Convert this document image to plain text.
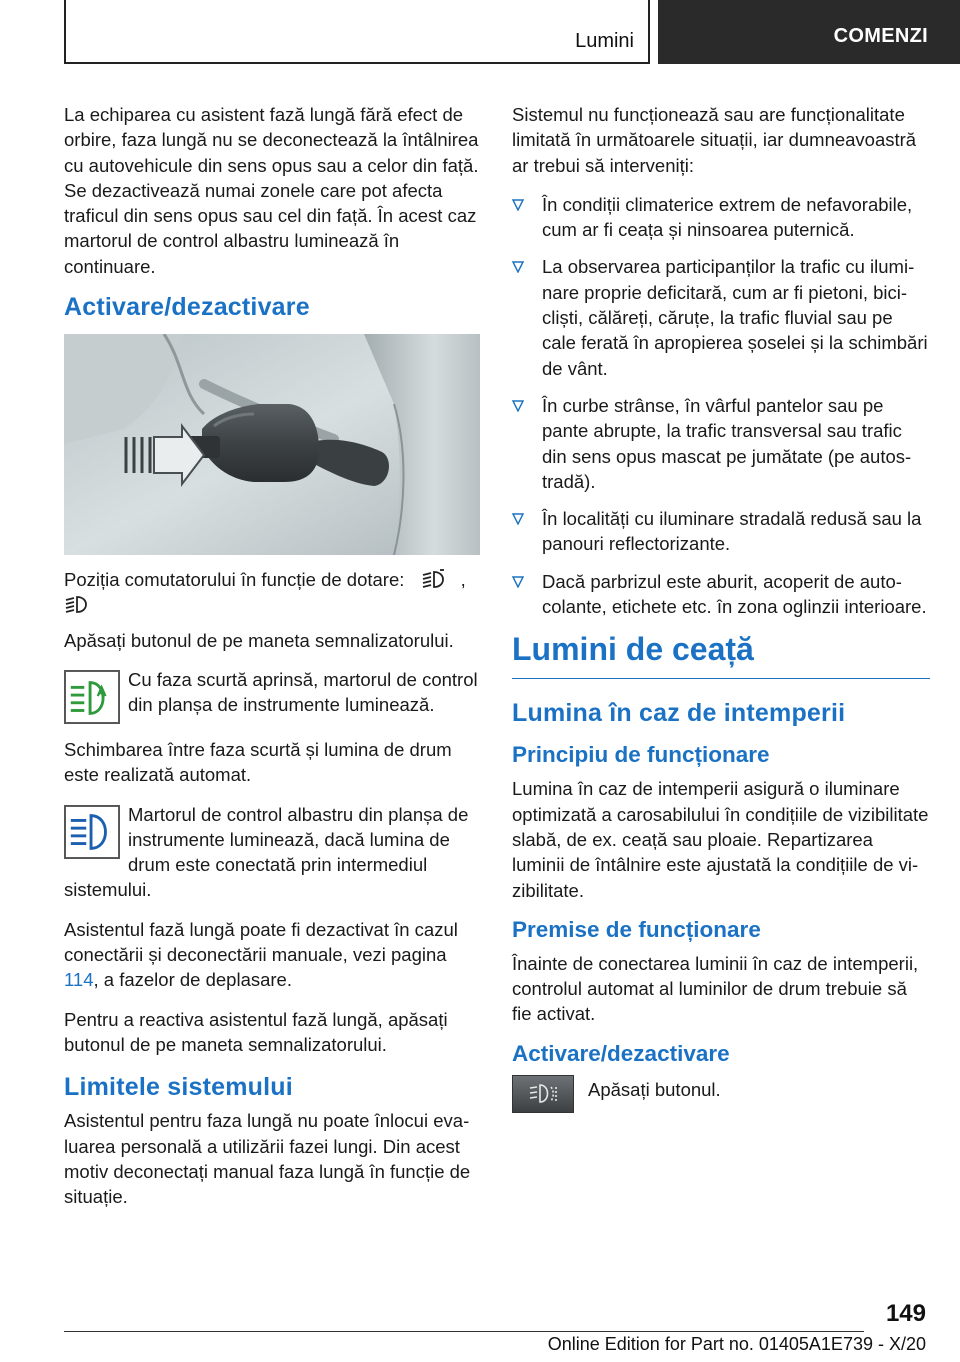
Lumini	COMENZI

La echiparea cu asistent fază lungă fără efect de orbire, faza lungă nu se deconectează la întâlnirea cu autovehicule din sens opus sau a celor din față. Se dezactivează numai zonele care pot afecta traficul din sens opus sau cel din față. În acest caz martorul de control albastru luminează în continuare.

Activare/dezactivare

Poziția comutatorului în funcție de dotare:	,

Apăsați butonul de pe maneta semnalizatorului.

Cu faza scurtă aprinsă, martorul de control din planșa de instrumente luminează.

Schimbarea între faza scurtă și lumina de drum este realizată automat.

Martorul de control albastru din planșa de instrumente luminează, dacă lumina de drum este conectată prin intermediul sistemului.

Asistentul fază lungă poate fi dezactivat în cazul conectării și deconectării manuale, vezi pagina 114, a fazelor de deplasare.

Pentru a reactiva asistentul fază lungă, apăsați butonul de pe maneta semnalizatorului.

Limitele sistemului

Asistentul pentru faza lungă nu poate înlocui evaluarea personală a utilizării fazei lungi. Din acest motiv deconectați manual faza lungă în funcție de situație.

Sistemul nu funcționează sau are funcționalitate limitată în următoarele situații, iar dumneavoastră ar trebui să interveniți:

În condiții climaterice extrem de nefavorabile, cum ar fi ceața și ninsoarea puternică.
La observarea participanților la trafic cu iluminare proprie deficitară, cum ar fi pietoni, bicicliști, călăreți, căruțe, la trafic fluvial sau pe cale ferată în apropierea șoselei și la schimbări de vânt.
În curbe strânse, în vârful pantelor sau pe pante abrupte, la trafic transversal sau trafic din sens opus mascat pe jumătate (pe autostradă).
În localități cu iluminare stradală redusă sau la panouri reflectorizante.
Dacă parbrizul este aburit, acoperit de autocolante, etichete etc. în zona oglinzii interioare.
Lumini de ceață
Lumina în caz de intemperii
Principiu de funcționare

Lumina în caz de intemperii asigură o iluminare optimizată a carosabilului în condițiile de vizibilitate slabă, de ex. ceață sau ploaie. Repartizarea luminii de întâlnire este ajustată la condițiile de vizibilitate.

Premise de funcționare

Înainte de conectarea luminii în caz de intemperii, controlul automat al luminilor de drum trebuie să fie activat.

Activare/dezactivare

Apăsați butonul.

149
Online Edition for Part no. 01405A1E739 - X/20
